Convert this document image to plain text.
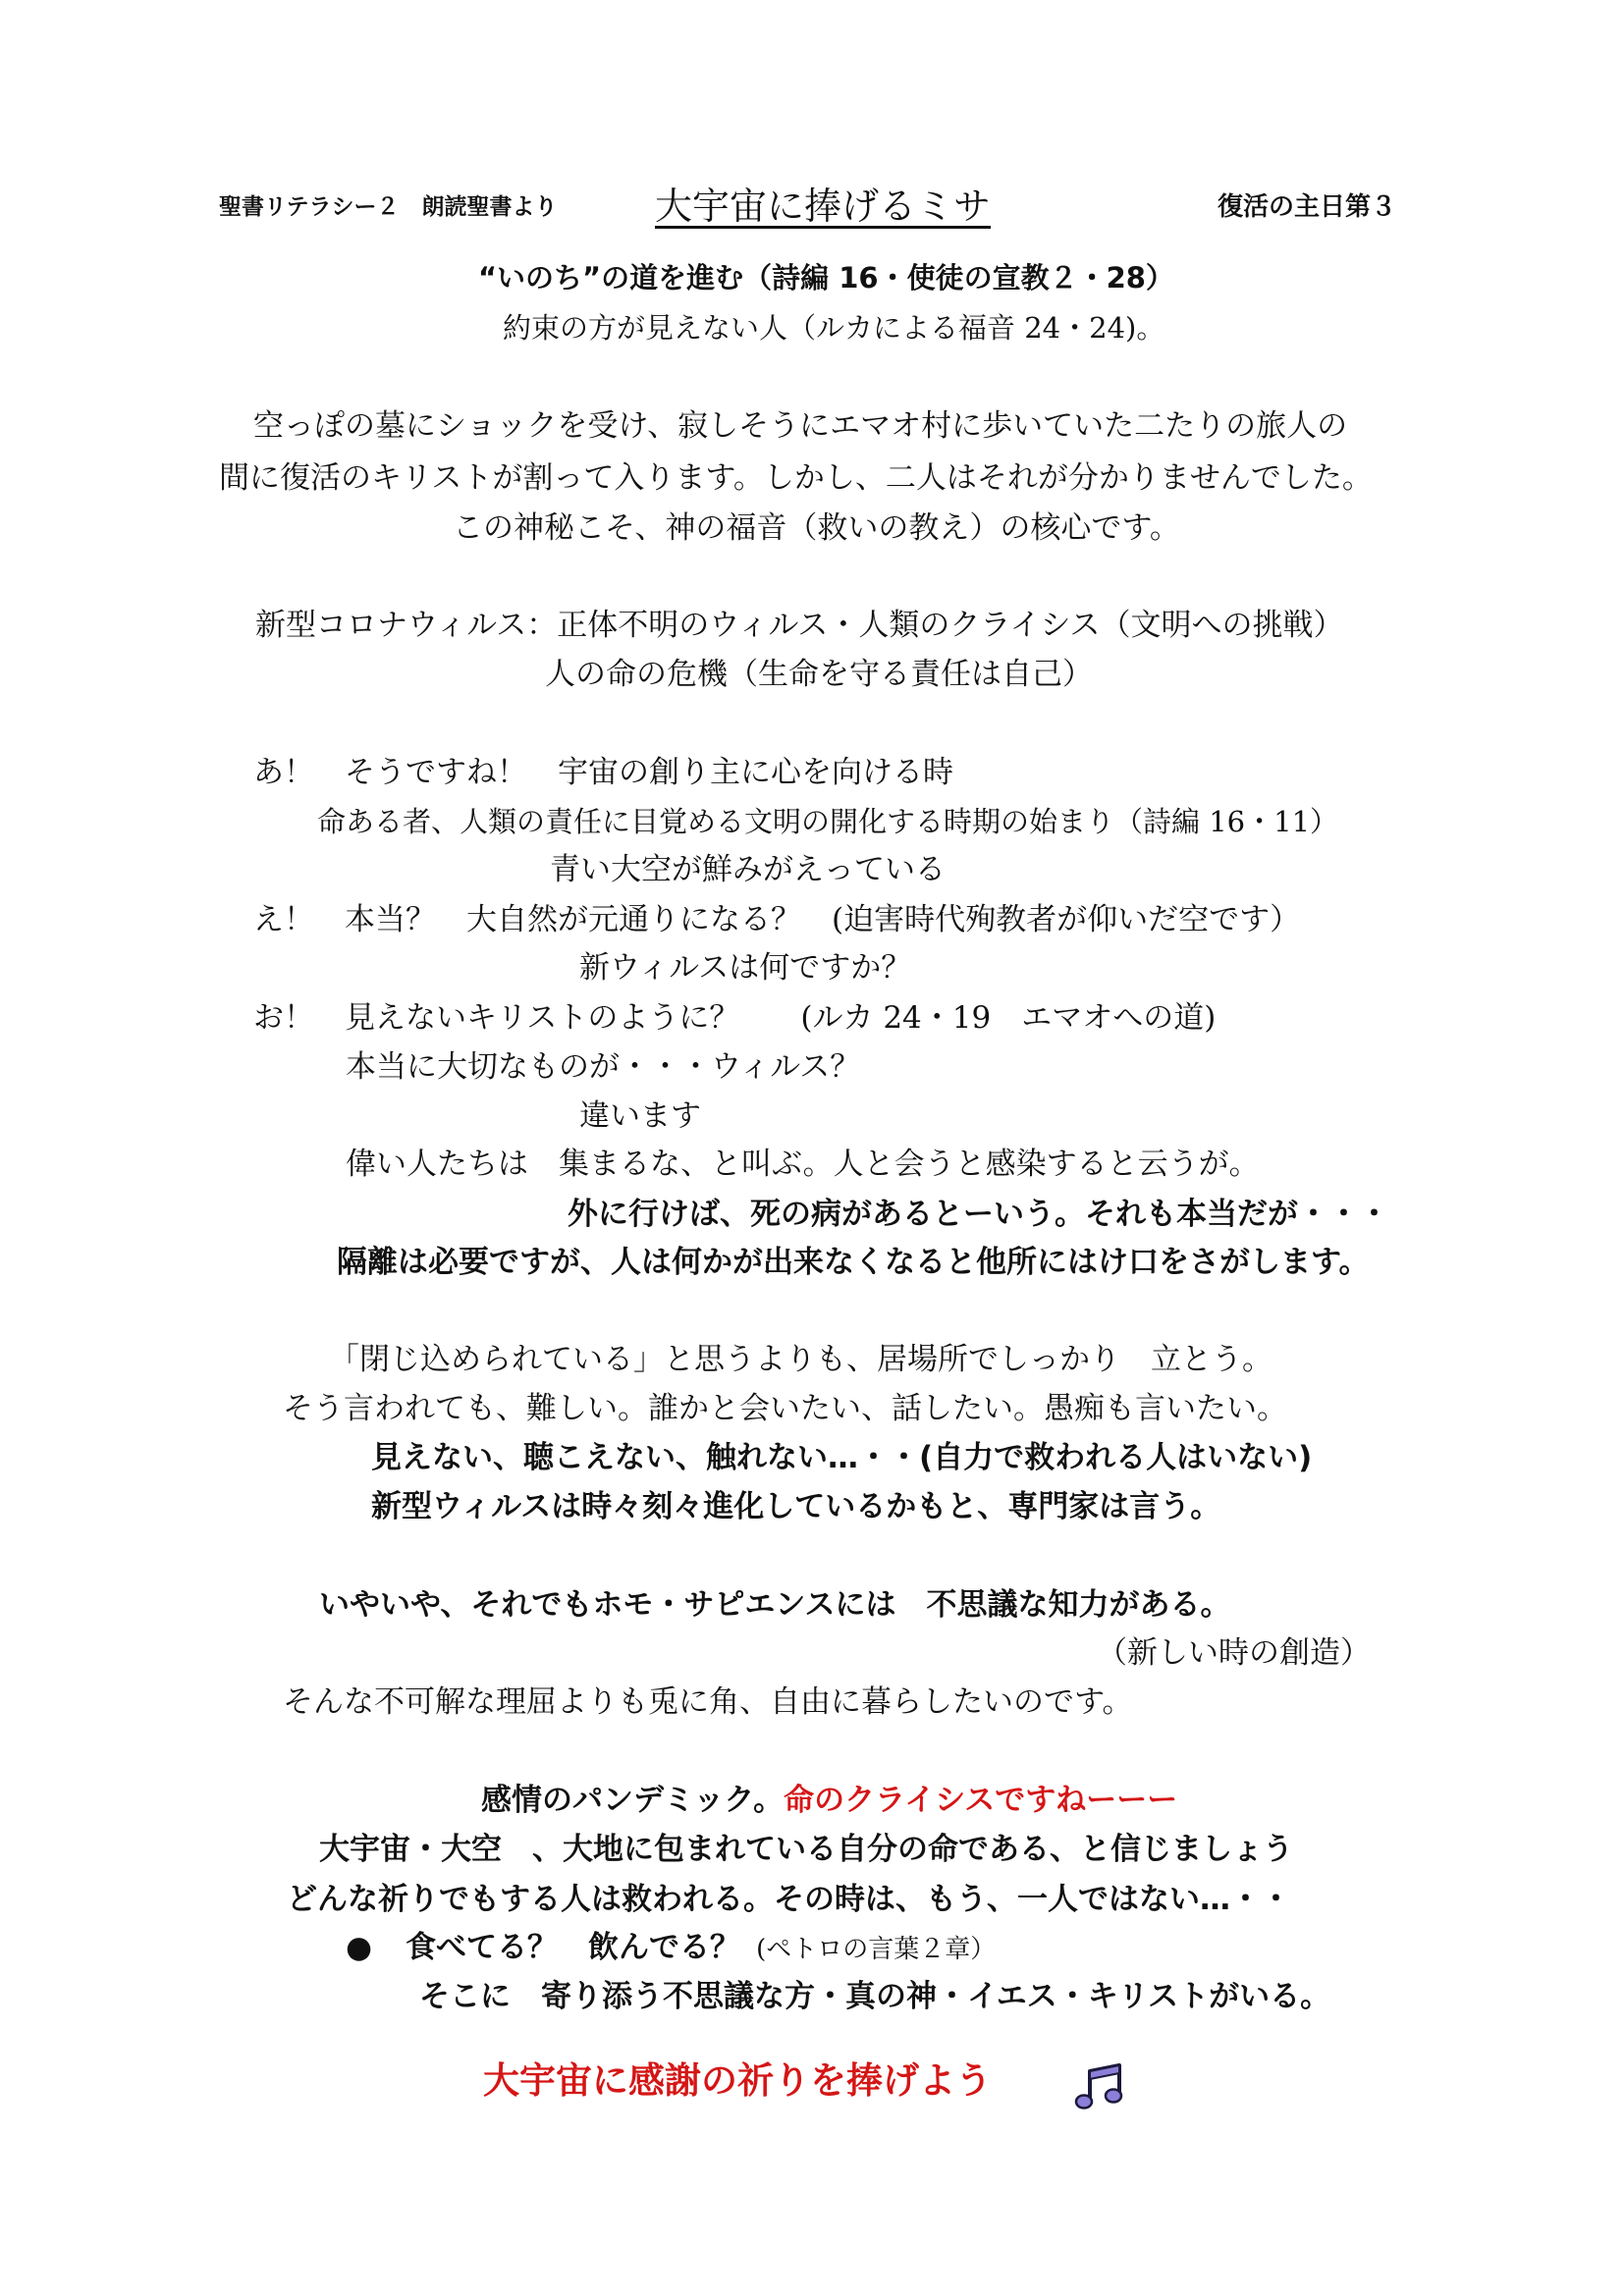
聖書リテラシー２　朗読聖書より	大宇宙に捧げるミサ	復活の主日第３
“いのち”の道を進む（詩編 16・使徒の宣教２・28）
約束の方が見えない人（ルカによる福音 24・24)。
空っぽの墓にショックを受け、寂しそうにエマオ村に歩いていた二たりの旅人の
間に復活のキリストが割って入ります。しかし、二人はそれが分かりませんでした。
この神秘こそ、神の福音（救いの教え）の核心です。
新型コロナウィルス：正体不明のウィルス・人類のクライシス（文明への挑戦）
人の命の危機（生命を守る責任は自己）
あ！　そうですね！　宇宙の創り主に心を向ける時
命ある者、人類の責任に目覚める文明の開化する時期の始まり（詩編 16・11）
青い大空が鮮みがえっている
え！　本当？　大自然が元通りになる？　(迫害時代殉教者が仰いだ空です）
新ウィルスは何ですか？
お！　見えないキリストのように？　　(ルカ 24・19　エマオへの道)
本当に大切なものが・・・ウィルス？
違います
偉い人たちは　集まるな、と叫ぶ。人と会うと感染すると云うが。
外に行けば、死の病があるとーいう。それも本当だが・・・
隔離は必要ですが、人は何かが出来なくなると他所にはけ口をさがします。
「閉じ込められている」と思うよりも、居場所でしっかり　立とう。
そう言われても、難しい。誰かと会いたい、話したい。愚痴も言いたい。
見えない、聴こえない、触れない…・・(自力で救われる人はいない)
新型ウィルスは時々刻々進化しているかもと、専門家は言う。
いやいや、それでもホモ・サピエンスには　不思議な知力がある。
（新しい時の創造）
そんな不可解な理屈よりも兎に角、自由に暮らしたいのです。
感情のパンデミック。命のクライシスですねーーー
大宇宙・大空　、大地に包まれている自分の命である、と信じましょう
どんな祈りでもする人は救われる。その時は、もう、一人ではない…・・
● 食べてる？　飲んでる？ (ペトロの言葉２章）
そこに　寄り添う不思議な方・真の神・イエス・キリストがいる。
大宇宙に感謝の祈りを捧げよう
